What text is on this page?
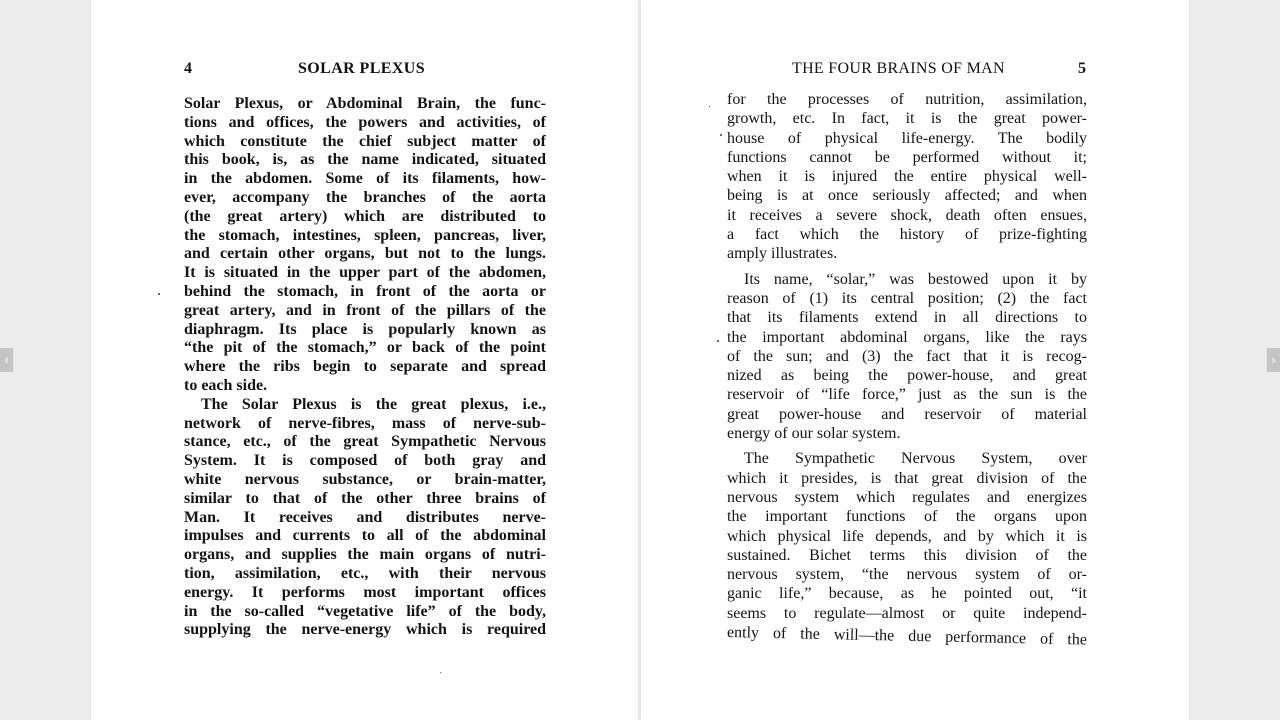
‹	›
4	SOLAR PLEXUS
Solar Plexus, or Abdominal Brain, the func-
tions and offices, the powers and activities, of
which constitute the chief subject matter of
this book, is, as the name indicated, situated
in the abdomen. Some of its filaments, how-
ever, accompany the branches of the aorta
(the great artery) which are distributed to
the stomach, intestines, spleen, pancreas, liver,
and certain other organs, but not to the lungs.
It is situated in the upper part of the abdomen,
behind the stomach, in front of the aorta or
great artery, and in front of the pillars of the
diaphragm. Its place is popularly known as
“the pit of the stomach,” or back of the point
where the ribs begin to separate and spread
to each side.
The Solar Plexus is the great plexus, i.e.,
network of nerve-fibres, mass of nerve-sub-
stance, etc., of the great Sympathetic Nervous
System. It is composed of both gray and
white nervous substance, or brain-matter,
similar to that of the other three brains of
Man. It receives and distributes nerve-
impulses and currents to all of the abdominal
organs, and supplies the main organs of nutri-
tion, assimilation, etc., with their nervous
energy. It performs most important offices
in the so-called “vegetative life” of the body,
supplying the nerve-energy which is required
THE FOUR BRAINS OF MAN	5
for the processes of nutrition, assimilation,
growth, etc. In fact, it is the great power-
house of physical life-energy. The bodily
functions cannot be performed without it;
when it is injured the entire physical well-
being is at once seriously affected; and when
it receives a severe shock, death often ensues,
a fact which the history of prize-fighting
amply illustrates.
Its name, “solar,” was bestowed upon it by
reason of (1) its central position; (2) the fact
that its filaments extend in all directions to
the important abdominal organs, like the rays
of the sun; and (3) the fact that it is recog-
nized as being the power-house, and great
reservoir of “life force,” just as the sun is the
great power-house and reservoir of material
energy of our solar system.
The Sympathetic Nervous System, over
which it presides, is that great division of the
nervous system which regulates and energizes
the important functions of the organs upon
which physical life depends, and by which it is
sustained. Bichet terms this division of the
nervous system, “the nervous system of or-
ganic life,” because, as he pointed out, “it
seems to regulate—almost or quite independ-
ently of the will—the due performance of the
